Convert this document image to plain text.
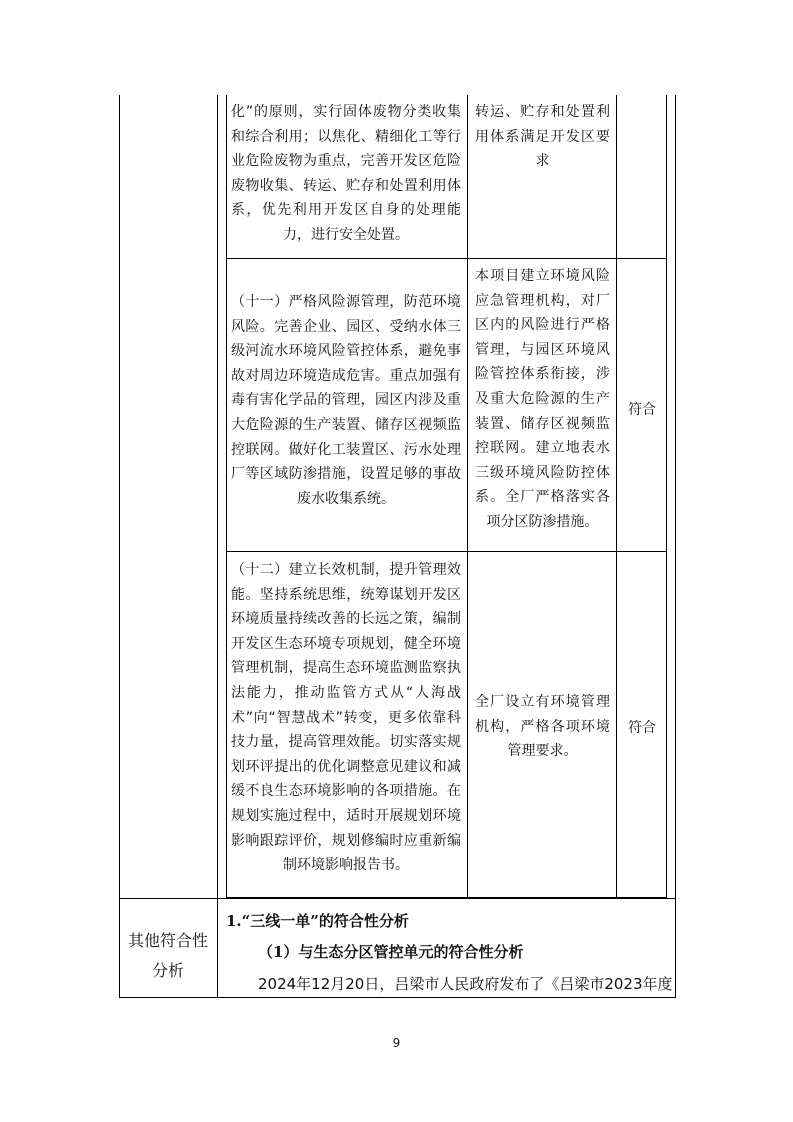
化”的原则，实行固体废物分类收集和综合利用；以焦化、精细化工等行业危险废物为重点，完善开发区危险废物收集、转运、贮存和处置利用体系，优先利用开发区自身的处理能力，进行安全处置。
转运、贮存和处置利用体系满足开发区要求
（十一）严格风险源管理，防范环境风险。完善企业、园区、受纳水体三级河流水环境风险管控体系，避免事故对周边环境造成危害。重点加强有毒有害化学品的管理，园区内涉及重大危险源的生产装置、储存区视频监控联网。做好化工装置区、污水处理厂等区域防渗措施，设置足够的事故废水收集系统。
本项目建立环境风险应急管理机构，对厂区内的风险进行严格管理，与园区环境风险管控体系衔接，涉及重大危险源的生产装置、储存区视频监控联网。建立地表水三级环境风险防控体系。全厂严格落实各项分区防渗措施。
符合
（十二）建立长效机制，提升管理效能。坚持系统思维，统筹谋划开发区环境质量持续改善的长远之策，编制开发区生态环境专项规划，健全环境管理机制，提高生态环境监测监察执法能力，推动监管方式从“人海战术”向“智慧战术”转变，更多依靠科技力量，提高管理效能。切实落实规划环评提出的优化调整意见建议和减缓不良生态环境影响的各项措施。在规划实施过程中，适时开展规划环境影响跟踪评价，规划修编时应重新编制环境影响报告书。
全厂设立有环境管理机构，严格各项环境管理要求。
符合
其他符合性分析
1.“三线一单”的符合性分析
（1）与生态分区管控单元的符合性分析
2024年12月20日，吕梁市人民政府发布了《吕梁市2023年度
9
